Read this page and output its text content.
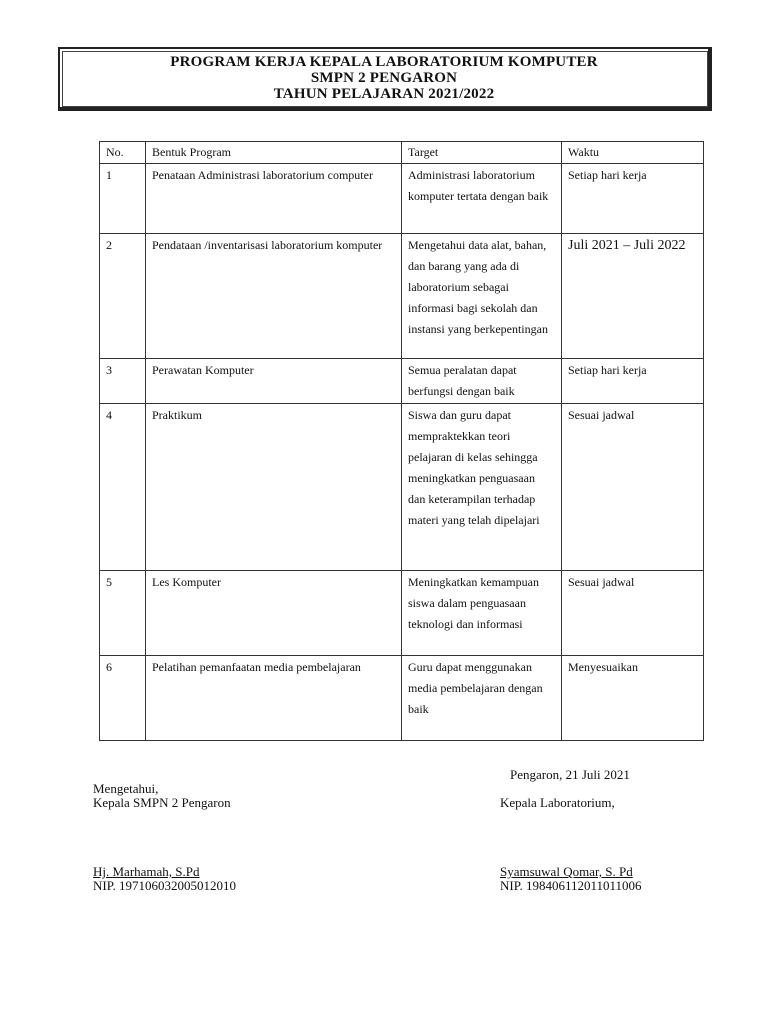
PROGRAM KERJA KEPALA LABORATORIUM KOMPUTER
SMPN 2 PENGARON
TAHUN PELAJARAN 2021/2022
No.	Bentuk Program	Target	Waktu
1	Penataan Administrasi laboratorium computer	Administrasi laboratorium komputer tertata dengan baik	Setiap hari kerja
2	Pendataan /inventarisasi laboratorium komputer	Mengetahui data alat, bahan, dan barang yang ada di laboratorium sebagai informasi bagi sekolah dan instansi yang berkepentingan	Juli 2021 – Juli 2022
3	Perawatan Komputer	Semua peralatan dapat berfungsi dengan baik	Setiap hari kerja
4	Praktikum	Siswa dan guru dapat mempraktekkan teori pelajaran di kelas sehingga meningkatkan penguasaan dan keterampilan terhadap materi yang telah dipelajari	Sesuai jadwal
5	Les Komputer	Meningkatkan kemampuan siswa dalam penguasaan teknologi dan informasi	Sesuai jadwal
6	Pelatihan pemanfaatan media pembelajaran	Guru dapat menggunakan media pembelajaran dengan baik	Menyesuaikan
Pengaron, 21 Juli 2021
Mengetahui,
Kepala SMPN 2 Pengaron	Kepala Laboratorium,
Hj. Marhamah, S.Pd
NIP. 197106032005012010
Syamsuwal Qomar, S. Pd
NIP. 198406112011011006
